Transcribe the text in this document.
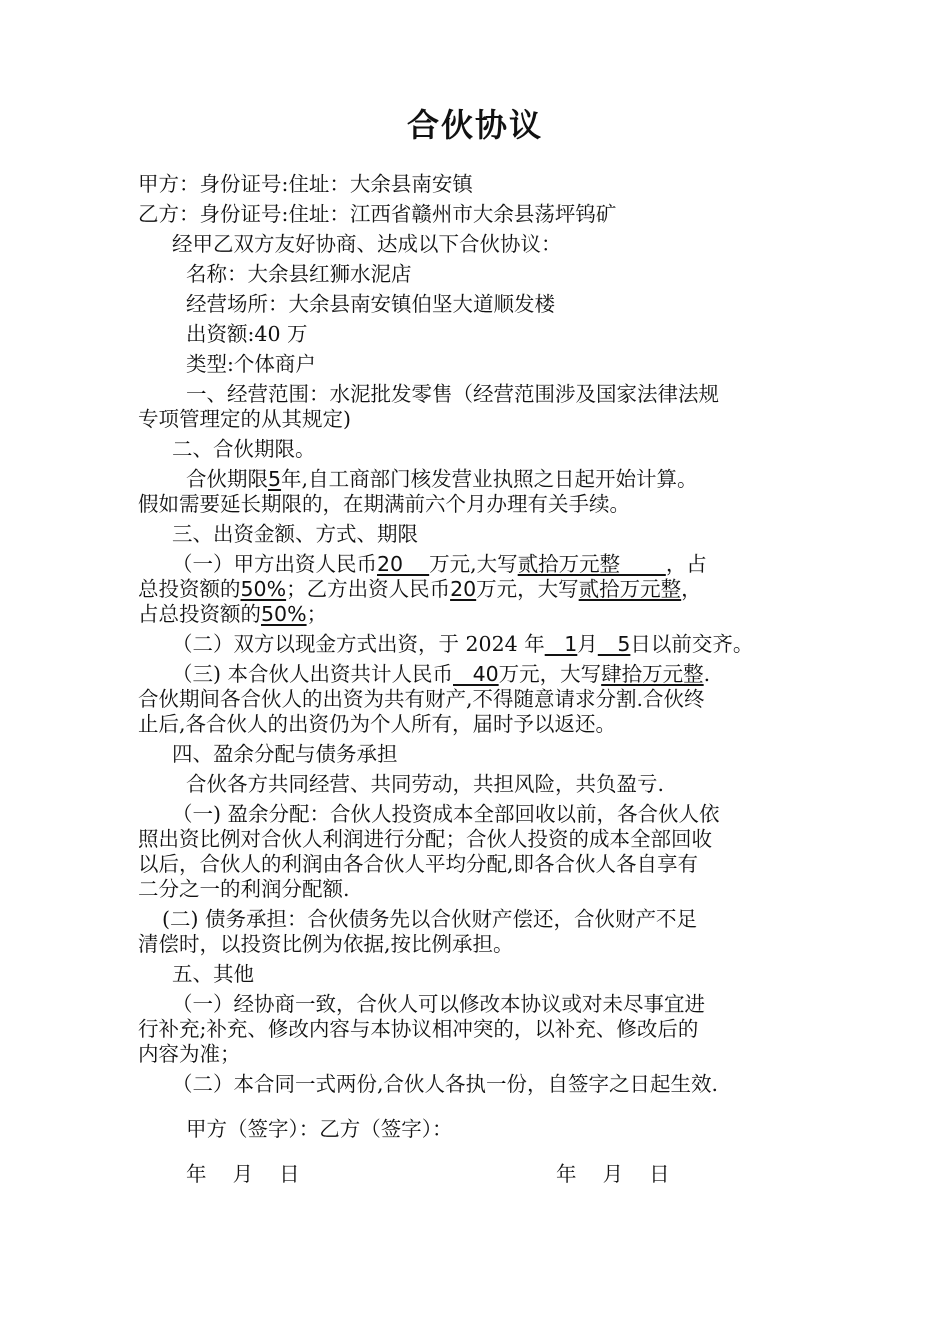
合伙协议
甲方：身份证号:住址：大余县南安镇
乙方：身份证号:住址：江西省赣州市大余县荡坪钨矿
经甲乙双方友好协商、达成以下合伙协议：
名称：大余县红狮水泥店
经营场所：大余县南安镇伯坚大道顺发楼
出资额:40 万
类型:个体商户
一、经营范围：水泥批发零售（经营范围涉及国家法律法规
专项管理定的从其规定)
二、合伙期限。
合伙期限5年,自工商部门核发营业执照之日起开始计算。
假如需要延长期限的，在期满前六个月办理有关手续。
三、出资金额、方式、期限
（一）甲方出资人民币20    万元,大写贰拾万元整       ，占
总投资额的50%；乙方出资人民币20万元，大写贰拾万元整，
占总投资额的50%；
（二）双方以现金方式出资，于 2024 年   1月   5日以前交齐。
（三) 本合伙人出资共计人民币   40万元，大写肆拾万元整.
合伙期间各合伙人的出资为共有财产,不得随意请求分割.合伙终
止后,各合伙人的出资仍为个人所有，届时予以返还。
四、盈余分配与债务承担
合伙各方共同经营、共同劳动，共担风险，共负盈亏.
（一) 盈余分配：合伙人投资成本全部回收以前，各合伙人依
照出资比例对合伙人利润进行分配；合伙人投资的成本全部回收
以后，合伙人的利润由各合伙人平均分配,即各合伙人各自享有
二分之一的利润分配额.
(二) 债务承担：合伙债务先以合伙财产偿还，合伙财产不足
清偿时，以投资比例为依据,按比例承担。
五、其他
（一）经协商一致，合伙人可以修改本协议或对未尽事宜进
行补充;补充、修改内容与本协议相冲突的，以补充、修改后的
内容为准；
（二）本合同一式两份,合伙人各执一份，自签字之日起生效.
甲方（签字）：乙方（签字）：
年    月    日	年    月    日
